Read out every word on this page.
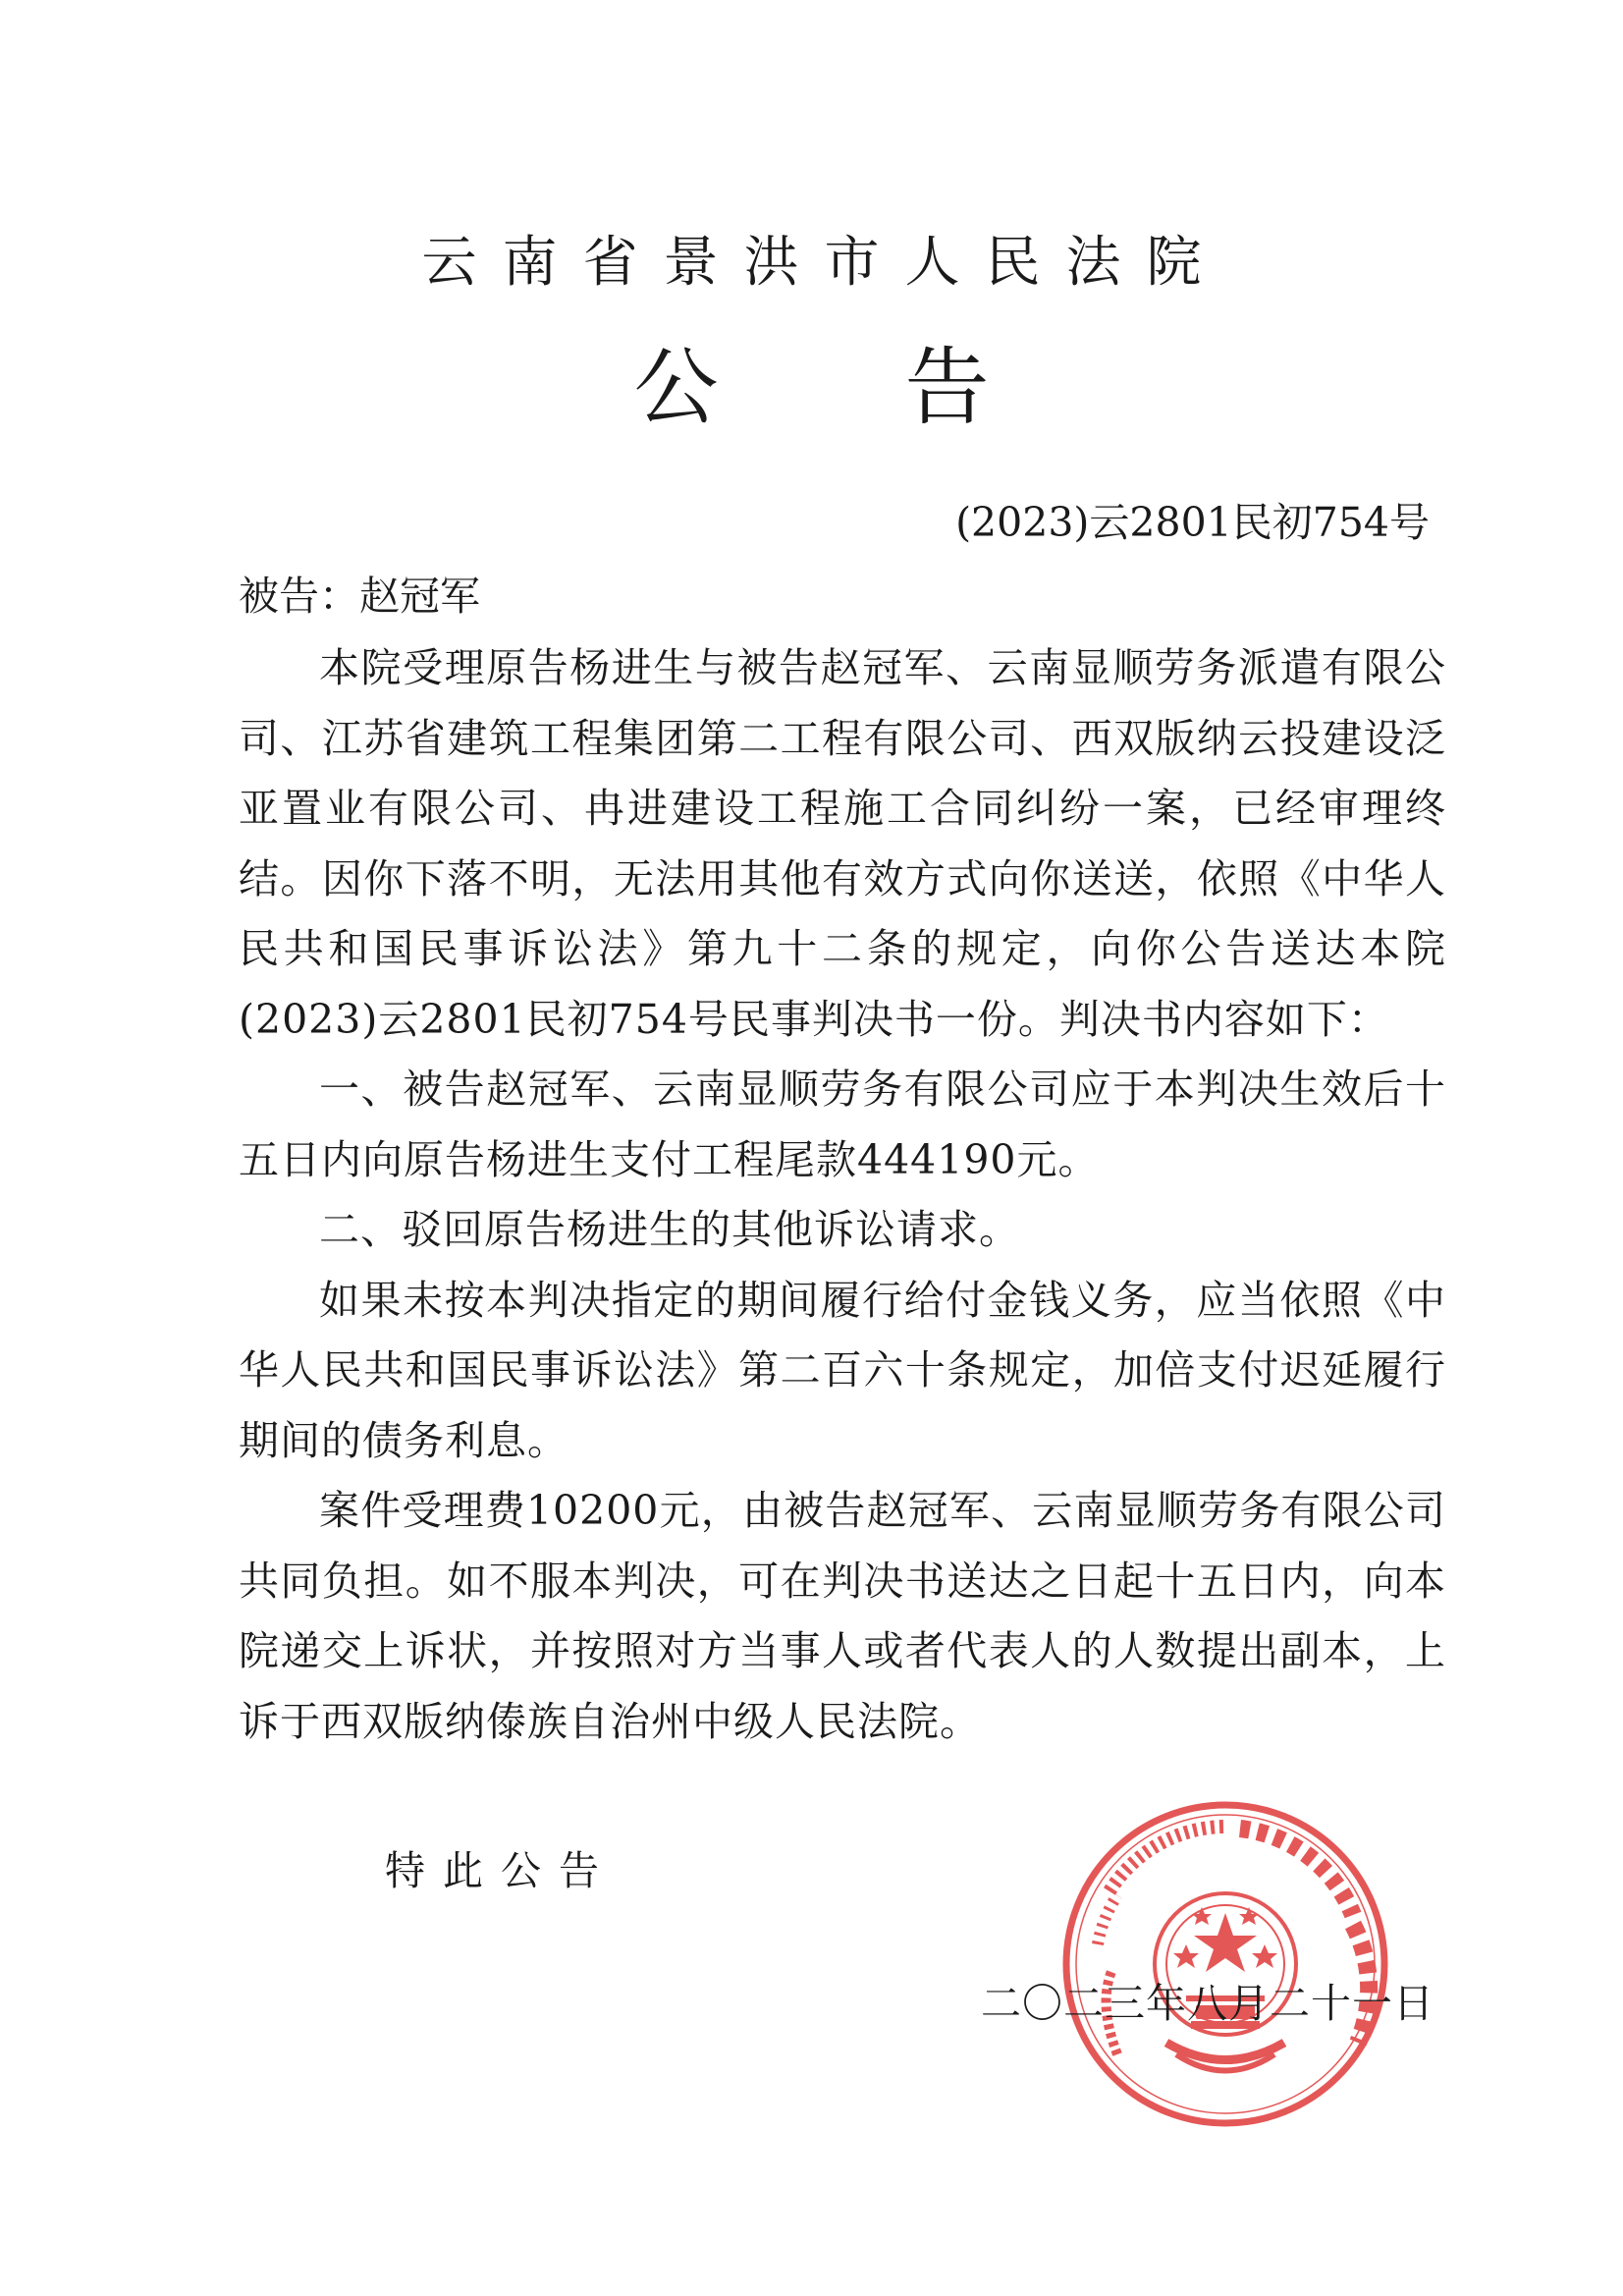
云南省景洪市人民法院
公告
(2023)云2801民初754号
被告：赵冠军

本院受理原告杨进生与被告赵冠军、云南显顺劳务派遣有限公司、江苏省建筑工程集团第二工程有限公司、西双版纳云投建设泛亚置业有限公司、冉进建设工程施工合同纠纷一案，已经审理终结。因你下落不明，无法用其他有效方式向你送送，依照《中华人民共和国民事诉讼法》第九十二条的规定，向你公告送达本院(2023)云2801民初754号民事判决书一份。判决书内容如下：

一、被告赵冠军、云南显顺劳务有限公司应于本判决生效后十五日内向原告杨进生支付工程尾款444190元。

二、驳回原告杨进生的其他诉讼请求。

如果未按本判决指定的期间履行给付金钱义务，应当依照《中华人民共和国民事诉讼法》第二百六十条规定，加倍支付迟延履行期间的债务利息。

案件受理费10200元，由被告赵冠军、云南显顺劳务有限公司共同负担。如不服本判决，可在判决书送达之日起十五日内，向本院递交上诉状，并按照对方当事人或者代表人的人数提出副本，上诉于西双版纳傣族自治州中级人民法院。

特此公告
二〇二三年八月二十一日
